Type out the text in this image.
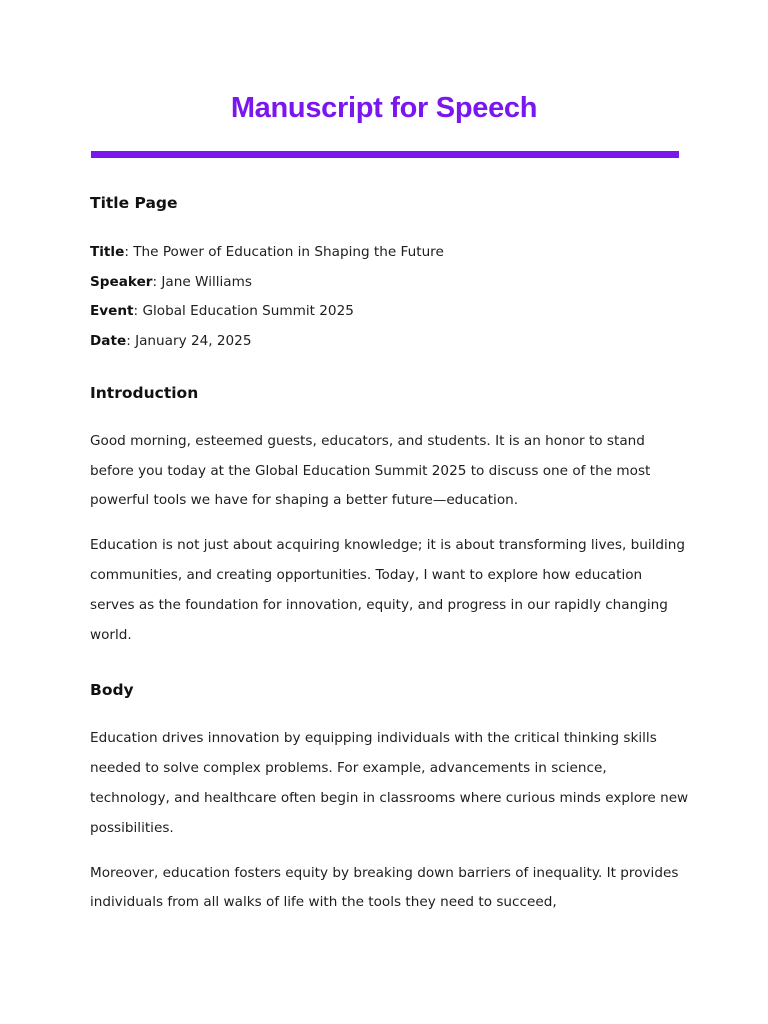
Manuscript for Speech
Title Page
Title: The Power of Education in Shaping the Future
Speaker: Jane Williams
Event: Global Education Summit 2025
Date: January 24, 2025
Introduction

Good morning, esteemed guests, educators, and students. It is an honor to stand before you today at the Global Education Summit 2025 to discuss one of the most powerful tools we have for shaping a better future—education.

Education is not just about acquiring knowledge; it is about transforming lives, building communities, and creating opportunities. Today, I want to explore how education serves as the foundation for innovation, equity, and progress in our rapidly changing world.

Body

Education drives innovation by equipping individuals with the critical thinking skills needed to solve complex problems. For example, advancements in science, technology, and healthcare often begin in classrooms where curious minds explore new possibilities.

Moreover, education fosters equity by breaking down barriers of inequality. It provides individuals from all walks of life with the tools they need to succeed,
